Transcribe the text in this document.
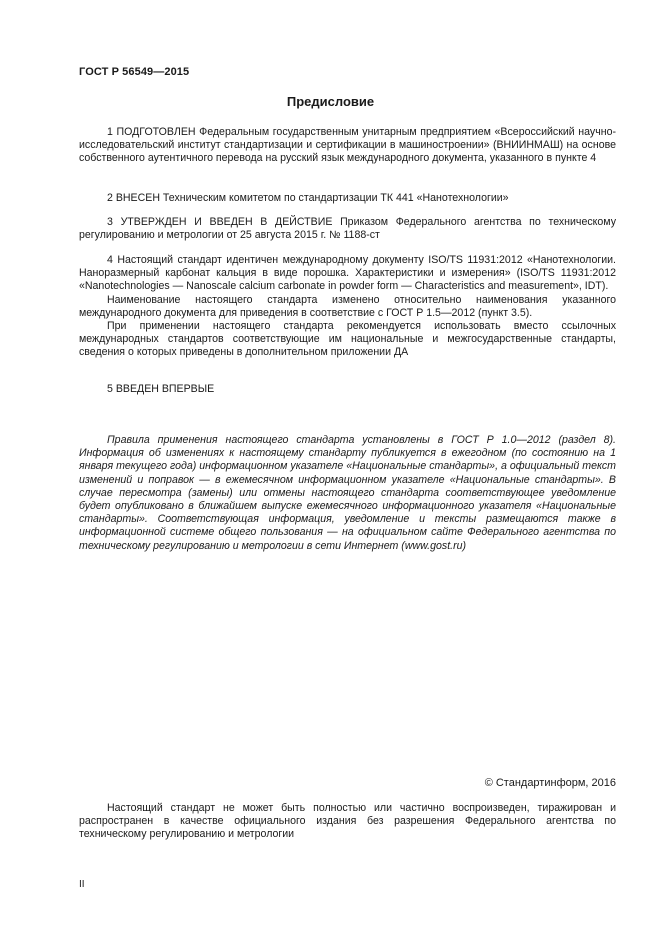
ГОСТ Р 56549—2015
Предисловие

1 ПОДГОТОВЛЕН Федеральным государственным унитарным предприятием «Всероссийский научно-исследовательский институт стандартизации и сертификации в машиностроении» (ВНИИНМАШ) на основе собственного аутентичного перевода на русский язык международного документа, указанного в пункте 4

2 ВНЕСЕН Техническим комитетом по стандартизации ТК 441 «Нанотехнологии»

3 УТВЕРЖДЕН И ВВЕДЕН В ДЕЙСТВИЕ Приказом Федерального агентства по техническому регулированию и метрологии от 25 августа 2015 г. № 1188-ст

4 Настоящий стандарт идентичен международному документу ISO/TS 11931:2012 «Нанотехнологии. Наноразмерный карбонат кальция в виде порошка. Характеристики и измерения» (ISO/TS 11931:2012 «Nanotechnologies — Nanoscale calcium carbonate in powder form — Characteristics and measurement», IDT).

Наименование настоящего стандарта изменено относительно наименования указанного международного документа для приведения в соответствие с ГОСТ Р 1.5—2012 (пункт 3.5).

При применении настоящего стандарта рекомендуется использовать вместо ссылочных международных стандартов соответствующие им национальные и межгосударственные стандарты, сведения о которых приведены в дополнительном приложении ДА

5 ВВЕДЕН ВПЕРВЫЕ

Правила применения настоящего стандарта установлены в ГОСТ Р 1.0—2012 (раздел 8). Информация об изменениях к настоящему стандарту публикуется в ежегодном (по состоянию на 1 января текущего года) информационном указателе «Национальные стандарты», а официальный текст изменений и поправок — в ежемесячном информационном указателе «Национальные стандарты». В случае пересмотра (замены) или отмены настоящего стандарта соответствующее уведомление будет опубликовано в ближайшем выпуске ежемесячного информационного указателя «Национальные стандарты». Соответствующая информация, уведомление и тексты размещаются также в информационной системе общего пользования — на официальном сайте Федерального агентства по техническому регулированию и метрологии в сети Интернет (www.gost.ru)

© Стандартинформ, 2016

Настоящий стандарт не может быть полностью или частично воспроизведен, тиражирован и распространен в качестве официального издания без разрешения Федерального агентства по техническому регулированию и метрологии

II
